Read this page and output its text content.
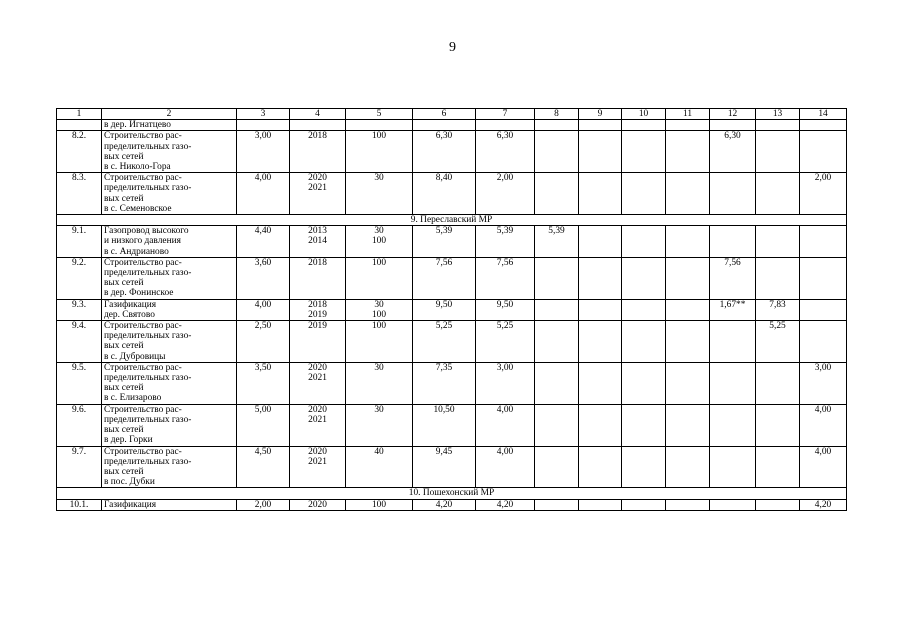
9
1	2	3	4	5	6	7	8	9	10	11	12	13	14
	в дер. Игнатцево												
8.2.	Строительство рас-
пределительных газо-
вых сетей
в с. Николо-Гора	3,00	2018	100	6,30	6,30					6,30		
8.3.	Строительство рас-
пределительных газо-
вых сетей
в с. Семеновское	4,00	2020
2021	30	8,40	2,00							2,00
9. Переславский МР													
9.1.	Газопровод высокого
и низкого давления
в с. Андрианово	4,40	2013
2014	30
100	5,39	5,39	5,39						
9.2.	Строительство рас-
пределительных газо-
вых сетей
в дер. Фонинское	3,60	2018	100	7,56	7,56					7,56		
9.3.	Газификация
дер. Святово	4,00	2018
2019	30
100	9,50	9,50					1,67**	7,83	
9.4.	Строительство рас-
пределительных газо-
вых сетей
в с. Дубровицы	2,50	2019	100	5,25	5,25						5,25	
9.5.	Строительство рас-
пределительных газо-
вых сетей
в с. Елизарово	3,50	2020
2021	30	7,35	3,00							3,00
9.6.	Строительство рас-
пределительных газо-
вых сетей
в дер. Горки	5,00	2020
2021	30	10,50	4,00							4,00
9.7.	Строительство рас-
пределительных газо-
вых сетей
в пос. Дубки	4,50	2020
2021	40	9,45	4,00							4,00
10. Пошехонский МР													
10.1.	Газификация	2,00	2020	100	4,20	4,20							4,20
